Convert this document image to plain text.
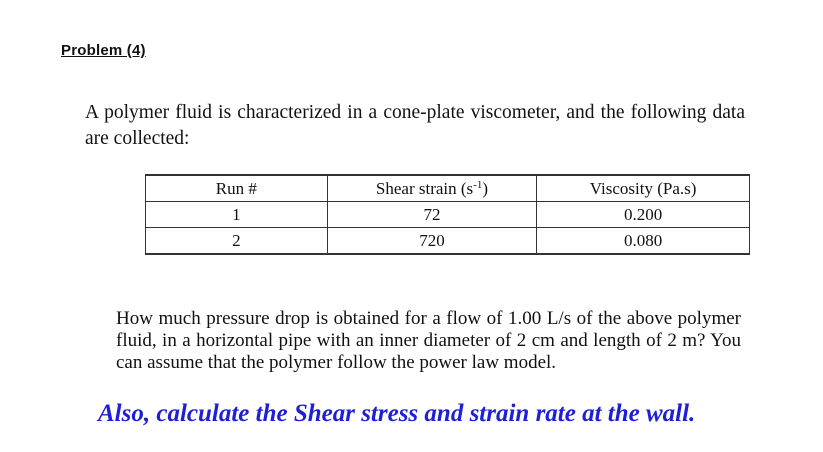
Problem (4)
A polymer fluid is characterized in a cone-plate viscometer, and the following data are collected:
Run #	Shear strain $(s^{-1})$	Viscosity (Pa.s)
1	72	0.200
2	720	0.080
How much pressure drop is obtained for a flow of 1.00 L/s of the above polymer fluid, in a horizontal pipe with an inner diameter of 2 cm and length of 2 m? You can assume that the polymer follow the power law model.
Also, calculate the Shear stress and strain rate at the wall.
